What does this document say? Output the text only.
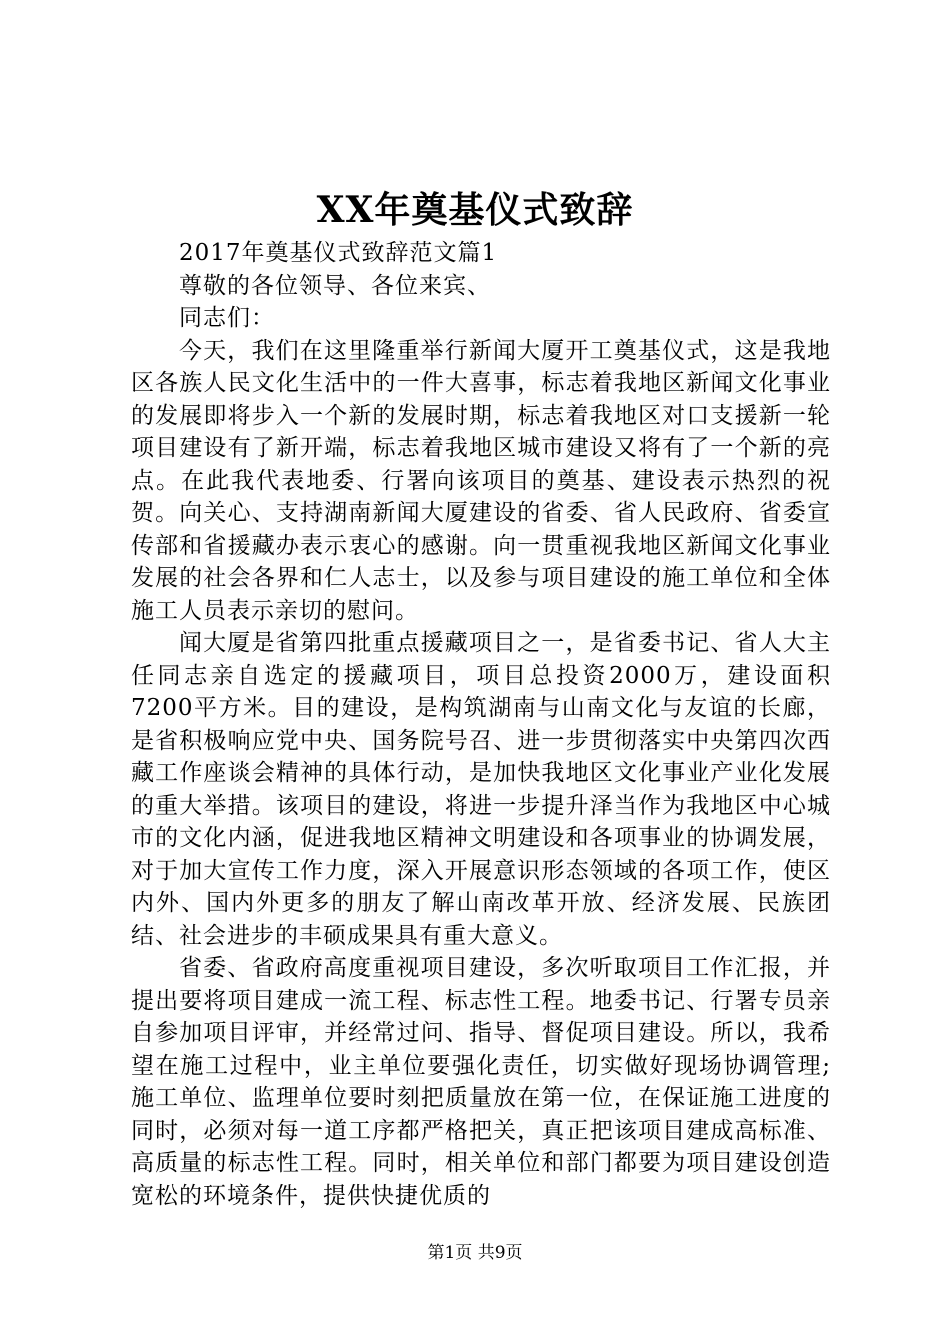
XX年奠基仪式致辞

2017年奠基仪式致辞范文篇1

尊敬的各位领导、各位来宾、

同志们：

今天，我们在这里隆重举行新闻大厦开工奠基仪式，这是我地区各族人民文化生活中的一件大喜事，标志着我地区新闻文化事业的发展即将步入一个新的发展时期，标志着我地区对口支援新一轮项目建设有了新开端，标志着我地区城市建设又将有了一个新的亮点。在此我代表地委、行署向该项目的奠基、建设表示热烈的祝贺。向关心、支持湖南新闻大厦建设的省委、省人民政府、省委宣传部和省援藏办表示衷心的感谢。向一贯重视我地区新闻文化事业发展的社会各界和仁人志士，以及参与项目建设的施工单位和全体施工人员表示亲切的慰问。

闻大厦是省第四批重点援藏项目之一，是省委书记、省人大主任同志亲自选定的援藏项目，项目总投资2000万，建设面积7200平方米。目的建设，是构筑湖南与山南文化与友谊的长廊，是省积极响应党中央、国务院号召、进一步贯彻落实中央第四次西藏工作座谈会精神的具体行动，是加快我地区文化事业产业化发展的重大举措。该项目的建设，将进一步提升泽当作为我地区中心城市的文化内涵，促进我地区精神文明建设和各项事业的协调发展，对于加大宣传工作力度，深入开展意识形态领域的各项工作，使区内外、国内外更多的朋友了解山南改革开放、经济发展、民族团结、社会进步的丰硕成果具有重大意义。

省委、省政府高度重视项目建设，多次听取项目工作汇报，并提出要将项目建成一流工程、标志性工程。地委书记、行署专员亲自参加项目评审，并经常过问、指导、督促项目建设。所以，我希望在施工过程中，业主单位要强化责任，切实做好现场协调管理;施工单位、监理单位要时刻把质量放在第一位，在保证施工进度的同时，必须对每一道工序都严格把关，真正把该项目建成高标准、高质量的标志性工程。同时，相关单位和部门都要为项目建设创造宽松的环境条件，提供快捷优质的

第1页 共9页
